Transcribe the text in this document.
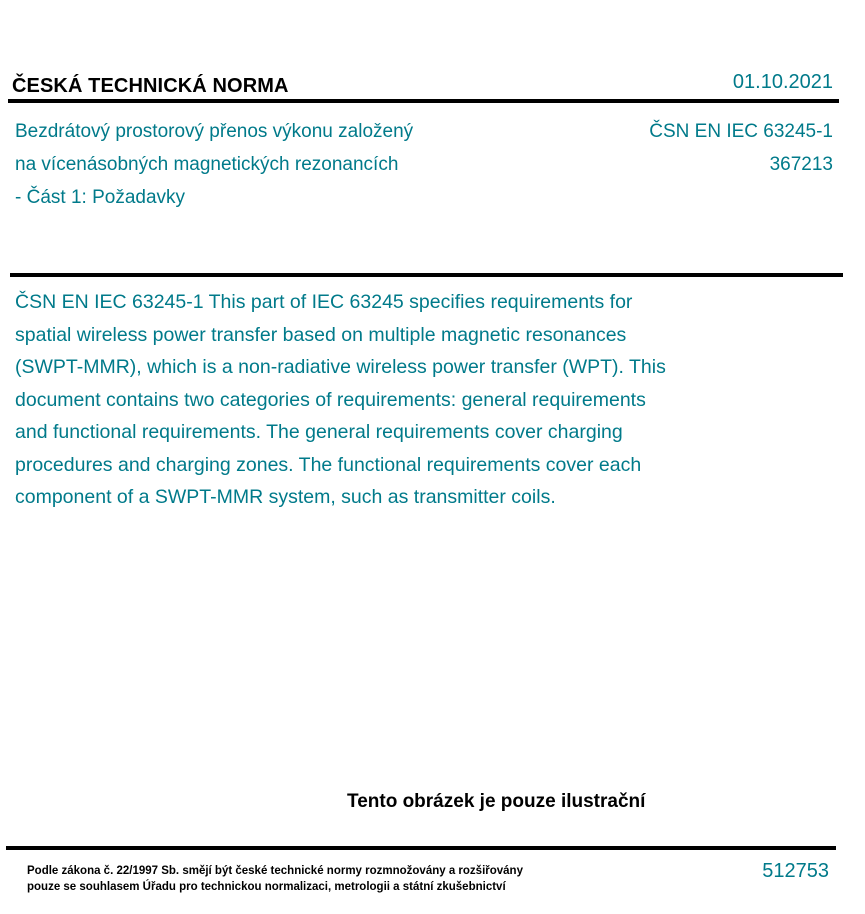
ČESKÁ TECHNICKÁ NORMA	01.10.2021
Bezdrátový prostorový přenos výkonu založený
na vícenásobných magnetických rezonancích
- Část 1: Požadavky
ČSN EN IEC 63245-1
367213
ČSN EN IEC 63245-1 This part of IEC 63245 specifies requirements for
spatial wireless power transfer based on multiple magnetic resonances
(SWPT-MMR), which is a non-radiative wireless power transfer (WPT). This
document contains two categories of requirements: general requirements
and functional requirements. The general requirements cover charging
procedures and charging zones. The functional requirements cover each
component of a SWPT-MMR system, such as transmitter coils.
Tento obrázek je pouze ilustrační
Podle zákona č. 22/1997 Sb. smějí být české technické normy rozmnožovány a rozšiřovány
pouze se souhlasem Úřadu pro technickou normalizaci, metrologii a státní zkušebnictví
512753
